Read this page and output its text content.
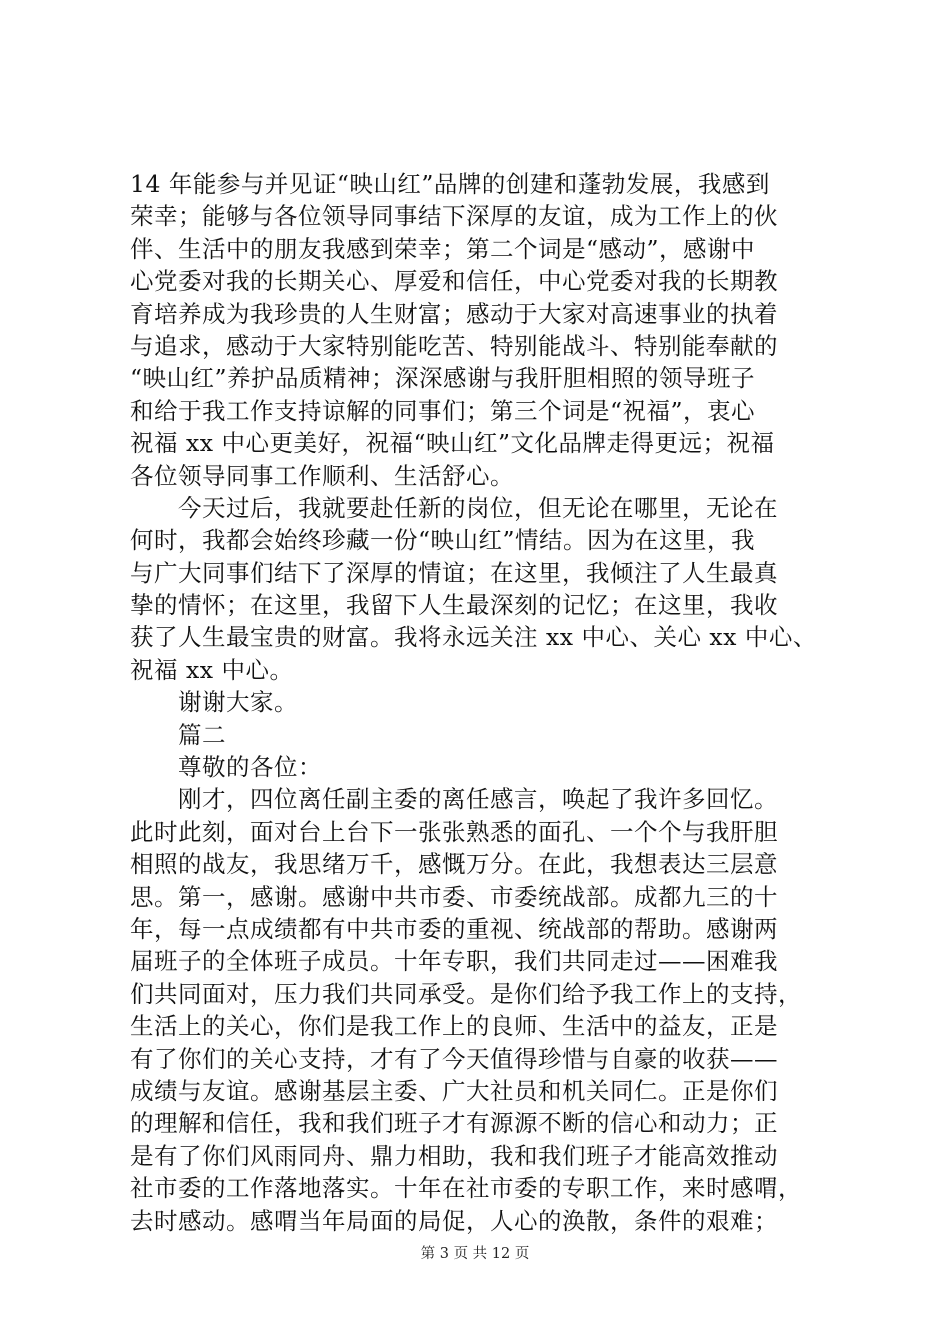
14 年能参与并见证“映山红”品牌的创建和蓬勃发展，我感到
荣幸；能够与各位领导同事结下深厚的友谊，成为工作上的伙
伴、生活中的朋友我感到荣幸；第二个词是“感动”，感谢中
心党委对我的长期关心、厚爱和信任，中心党委对我的长期教
育培养成为我珍贵的人生财富；感动于大家对高速事业的执着
与追求，感动于大家特别能吃苦、特别能战斗、特别能奉献的
“映山红”养护品质精神；深深感谢与我肝胆相照的领导班子
和给于我工作支持谅解的同事们；第三个词是“祝福”，衷心
祝福 xx 中心更美好，祝福“映山红”文化品牌走得更远；祝福
各位领导同事工作顺利、生活舒心。
　　今天过后，我就要赴任新的岗位，但无论在哪里，无论在
何时，我都会始终珍藏一份“映山红”情结。因为在这里，我
与广大同事们结下了深厚的情谊；在这里，我倾注了人生最真
挚的情怀；在这里，我留下人生最深刻的记忆；在这里，我收
获了人生最宝贵的财富。我将永远关注 xx 中心、关心 xx 中心、
祝福 xx 中心。
　　谢谢大家。
　　篇二
　　尊敬的各位：
　　刚才，四位离任副主委的离任感言，唤起了我许多回忆。
此时此刻，面对台上台下一张张熟悉的面孔、一个个与我肝胆
相照的战友，我思绪万千，感慨万分。在此，我想表达三层意
思。第一，感谢。感谢中共市委、市委统战部。成都九三的十
年，每一点成绩都有中共市委的重视、统战部的帮助。感谢两
届班子的全体班子成员。十年专职，我们共同走过——困难我
们共同面对，压力我们共同承受。是你们给予我工作上的支持，
生活上的关心，你们是我工作上的良师、生活中的益友，正是
有了你们的关心支持，才有了今天值得珍惜与自豪的收获——
成绩与友谊。感谢基层主委、广大社员和机关同仁。正是你们
的理解和信任，我和我们班子才有源源不断的信心和动力；正
是有了你们风雨同舟、鼎力相助，我和我们班子才能高效推动
社市委的工作落地落实。十年在社市委的专职工作，来时感喟，
去时感动。感喟当年局面的局促，人心的涣散，条件的艰难；
第 3 页 共 12 页
